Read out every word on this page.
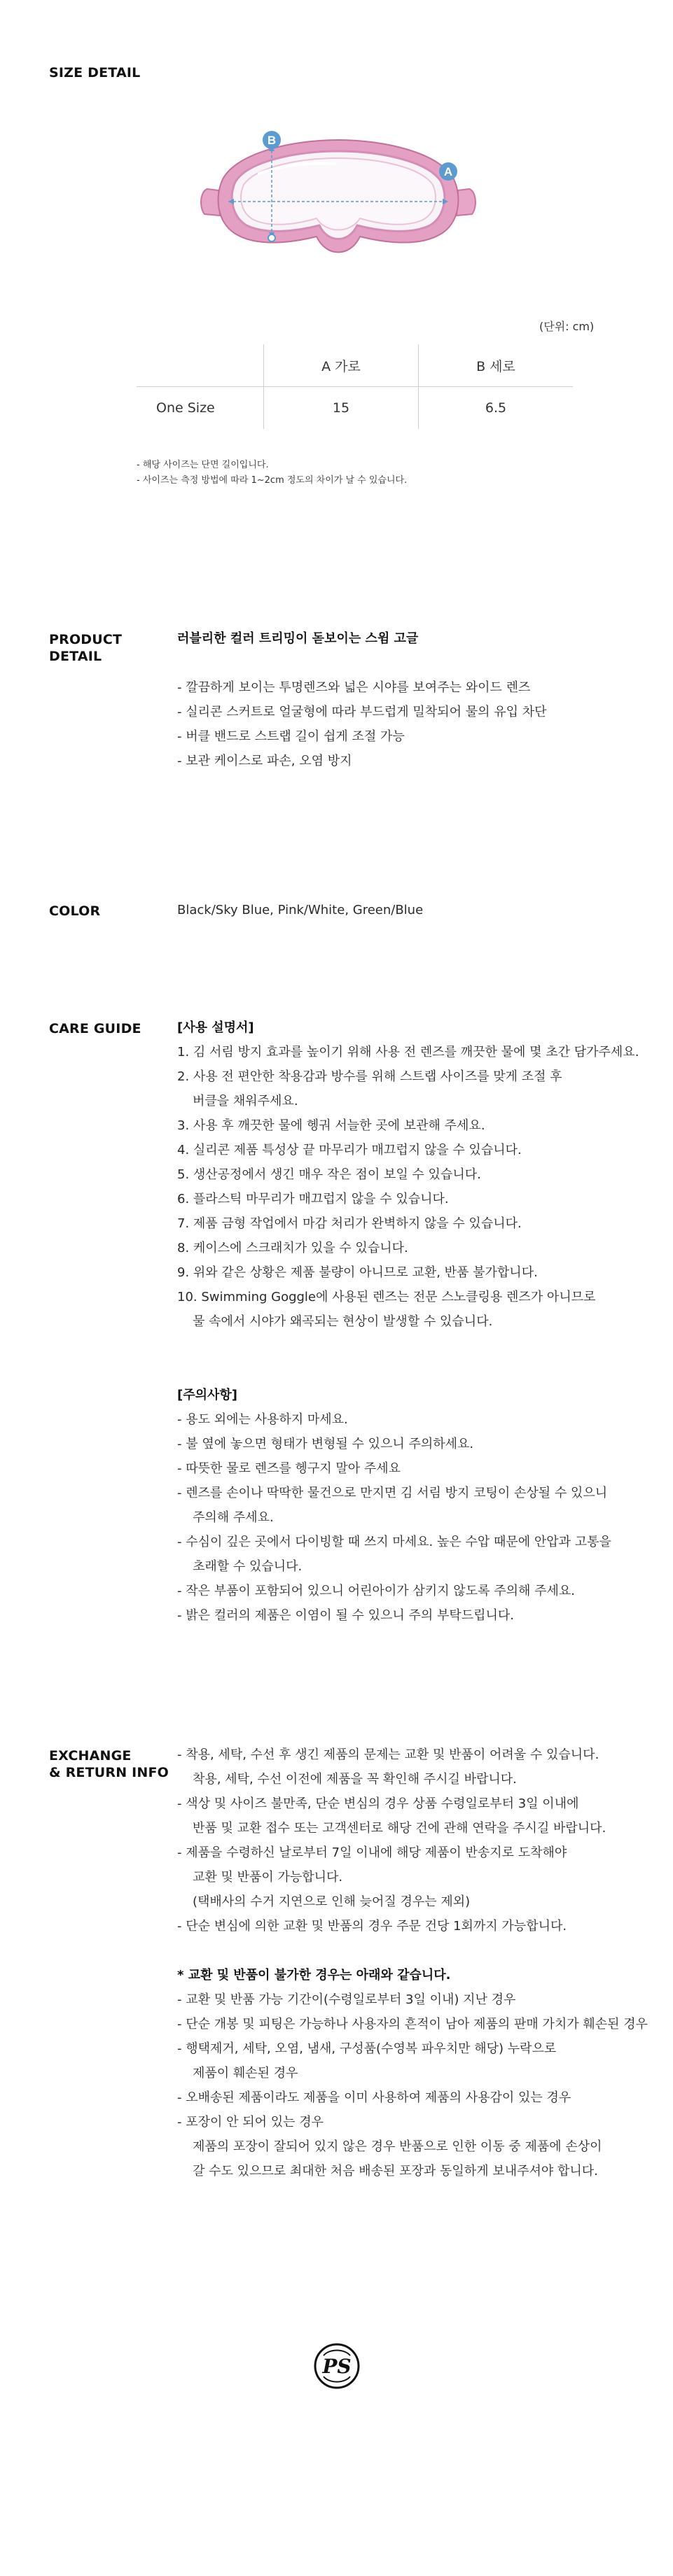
SIZE DETAIL
B
A
(단위: cm)
	A 가로	B 세로
One Size	15	6.5
- 해당 사이즈는 단면 길이입니다.
- 사이즈는 측정 방법에 따라 1~2cm 정도의 차이가 날 수 있습니다.
PRODUCT
DETAIL
러블리한 컬러 트리밍이 돋보이는 스윔 고글
- 깔끔하게 보이는 투명렌즈와 넓은 시야를 보여주는 와이드 렌즈
- 실리콘 스커트로 얼굴형에 따라 부드럽게 밀착되어 물의 유입 차단
- 버클 밴드로 스트랩 길이 쉽게 조절 가능
- 보관 케이스로 파손, 오염 방지
COLOR	Black/Sky Blue, Pink/White, Green/Blue
CARE GUIDE	[사용 설명서]
1. 김 서림 방지 효과를 높이기 위해 사용 전 렌즈를 깨끗한 물에 몇 초간 담가주세요.
2. 사용 전 편안한 착용감과 방수를 위해 스트랩 사이즈를 맞게 조절 후
버클을 채워주세요.
3. 사용 후 깨끗한 물에 헹궈 서늘한 곳에 보관해 주세요.
4. 실리콘 제품 특성상 끝 마무리가 매끄럽지 않을 수 있습니다.
5. 생산공정에서 생긴 매우 작은 점이 보일 수 있습니다.
6. 플라스틱 마무리가 매끄럽지 않을 수 있습니다.
7. 제품 금형 작업에서 마감 처리가 완벽하지 않을 수 있습니다.
8. 케이스에 스크래치가 있을 수 있습니다.
9. 위와 같은 상황은 제품 불량이 아니므로 교환, 반품 불가합니다.
10. Swimming Goggle에 사용된 렌즈는 전문 스노클링용 렌즈가 아니므로
물 속에서 시야가 왜곡되는 현상이 발생할 수 있습니다.
[주의사항]
- 용도 외에는 사용하지 마세요.
- 불 옆에 놓으면 형태가 변형될 수 있으니 주의하세요.
- 따뜻한 물로 렌즈를 헹구지 말아 주세요
- 렌즈를 손이나 딱딱한 물건으로 만지면 김 서림 방지 코팅이 손상될 수 있으니
주의해 주세요.
- 수심이 깊은 곳에서 다이빙할 때 쓰지 마세요. 높은 수압 때문에 안압과 고통을
초래할 수 있습니다.
- 작은 부품이 포함되어 있으니 어린아이가 삼키지 않도록 주의해 주세요.
- 밝은 컬러의 제품은 이염이 될 수 있으니 주의 부탁드립니다.
EXCHANGE
& RETURN INFO
- 착용, 세탁, 수선 후 생긴 제품의 문제는 교환 및 반품이 어려울 수 있습니다.
착용, 세탁, 수선 이전에 제품을 꼭 확인해 주시길 바랍니다.
- 색상 및 사이즈 불만족, 단순 변심의 경우 상품 수령일로부터 3일 이내에
반품 및 교환 접수 또는 고객센터로 해당 건에 관해 연락을 주시길 바랍니다.
- 제품을 수령하신 날로부터 7일 이내에 해당 제품이 반송지로 도착해야
교환 및 반품이 가능합니다.
(택배사의 수거 지연으로 인해 늦어질 경우는 제외)
- 단순 변심에 의한 교환 및 반품의 경우 주문 건당 1회까지 가능합니다.
* 교환 및 반품이 불가한 경우는 아래와 같습니다.
- 교환 및 반품 가능 기간이(수령일로부터 3일 이내) 지난 경우
- 단순 개봉 및 피팅은 가능하나 사용자의 흔적이 남아 제품의 판매 가치가 훼손된 경우
- 행택제거, 세탁, 오염, 냄새, 구성품(수영복 파우치만 해당) 누락으로
제품이 훼손된 경우
- 오배송된 제품이라도 제품을 이미 사용하여 제품의 사용감이 있는 경우
- 포장이 안 되어 있는 경우
제품의 포장이 잘되어 있지 않은 경우 반품으로 인한 이동 중 제품에 손상이
갈 수도 있으므로 최대한 처음 배송된 포장과 동일하게 보내주셔야 합니다.
PS
